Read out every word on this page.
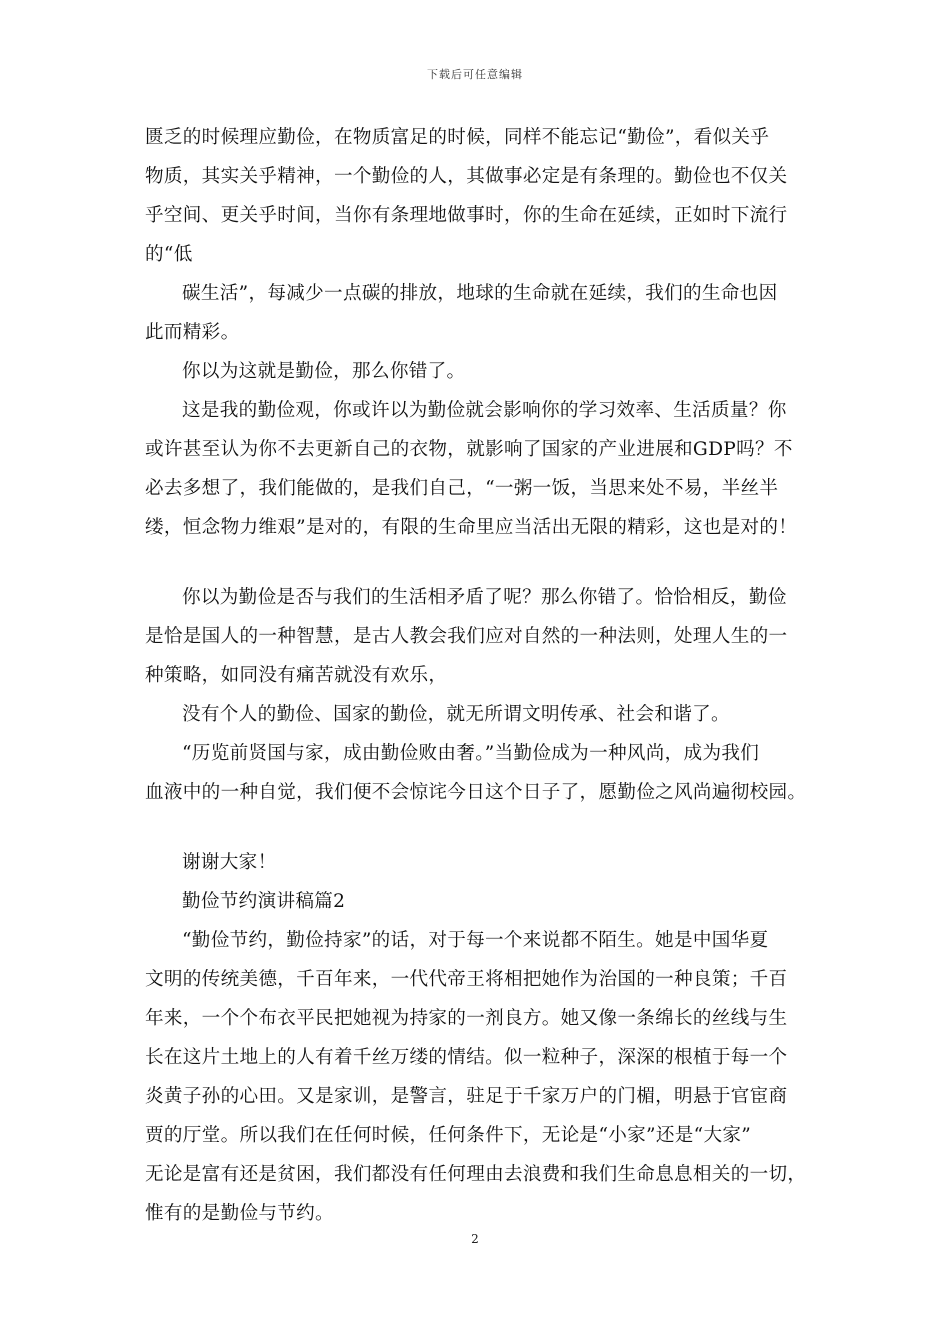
下载后可任意编辑
匮乏的时候理应勤俭，在物质富足的时候，同样不能忘记“勤俭”，看似关乎
物质，其实关乎精神，一个勤俭的人，其做事必定是有条理的。勤俭也不仅关
乎空间、更关乎时间，当你有条理地做事时，你的生命在延续，正如时下流行
的“低
碳生活”，每减少一点碳的排放，地球的生命就在延续，我们的生命也因
此而精彩。
你以为这就是勤俭，那么你错了。
这是我的勤俭观，你或许以为勤俭就会影响你的学习效率、生活质量？你
或许甚至认为你不去更新自己的衣物，就影响了国家的产业进展和GDP吗？不
必去多想了，我们能做的，是我们自己，“一粥一饭，当思来处不易，半丝半
缕，恒念物力维艰”是对的，有限的生命里应当活出无限的精彩，这也是对的！
你以为勤俭是否与我们的生活相矛盾了呢？那么你错了。恰恰相反，勤俭
是恰是国人的一种智慧，是古人教会我们应对自然的一种法则，处理人生的一
种策略，如同没有痛苦就没有欢乐，
没有个人的勤俭、国家的勤俭，就无所谓文明传承、社会和谐了。
“历览前贤国与家，成由勤俭败由奢。”当勤俭成为一种风尚，成为我们
血液中的一种自觉，我们便不会惊诧今日这个日子了，愿勤俭之风尚遍彻校园。
谢谢大家！
勤俭节约演讲稿篇2
“勤俭节约，勤俭持家”的话，对于每一个来说都不陌生。她是中国华夏
文明的传统美德，千百年来，一代代帝王将相把她作为治国的一种良策；千百
年来，一个个布衣平民把她视为持家的一剂良方。她又像一条绵长的丝线与生
长在这片土地上的人有着千丝万缕的情结。似一粒种子，深深的根植于每一个
炎黄子孙的心田。又是家训，是警言，驻足于千家万户的门楣，明悬于官宦商
贾的厅堂。所以我们在任何时候，任何条件下，无论是“小家”还是“大家”
无论是富有还是贫困，我们都没有任何理由去浪费和我们生命息息相关的一切，
惟有的是勤俭与节约。
2
